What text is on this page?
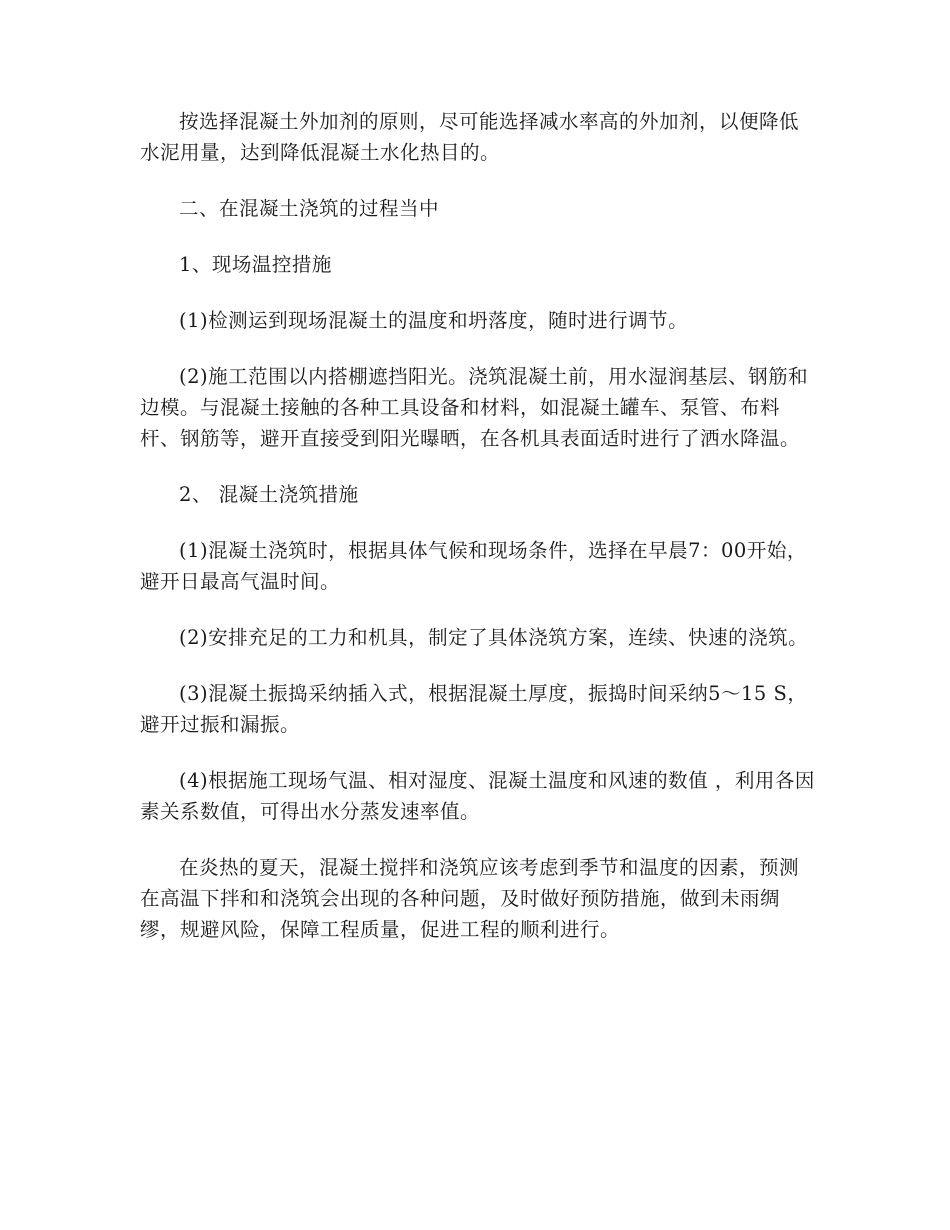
按选择混凝土外加剂的原则，尽可能选择减水率高的外加剂，以便降低水泥用量，达到降低混凝土水化热目的。

二、在混凝土浇筑的过程当中

1、现场温控措施

(1)检测运到现场混凝土的温度和坍落度，随时进行调节。

(2)施工范围以内搭棚遮挡阳光。浇筑混凝土前，用水湿润基层、钢筋和边模。与混凝土接触的各种工具设备和材料，如混凝土罐车、泵管、布料杆、钢筋等，避开直接受到阳光曝晒，在各机具表面适时进行了洒水降温。

2、 混凝土浇筑措施

(1)混凝土浇筑时，根据具体气候和现场条件，选择在早晨7：00开始，避开日最高气温时间。

(2)安排充足的工力和机具，制定了具体浇筑方案，连续、快速的浇筑。

(3)混凝土振捣采纳插入式，根据混凝土厚度，振捣时间采纳5～15 S，避开过振和漏振。

(4)根据施工现场气温、相对湿度、混凝土温度和风速的数值 ，利用各因素关系数值，可得出水分蒸发速率值。

在炎热的夏天，混凝土搅拌和浇筑应该考虑到季节和温度的因素，预测在高温下拌和和浇筑会出现的各种问题，及时做好预防措施，做到未雨绸缪，规避风险，保障工程质量，促进工程的顺利进行。
